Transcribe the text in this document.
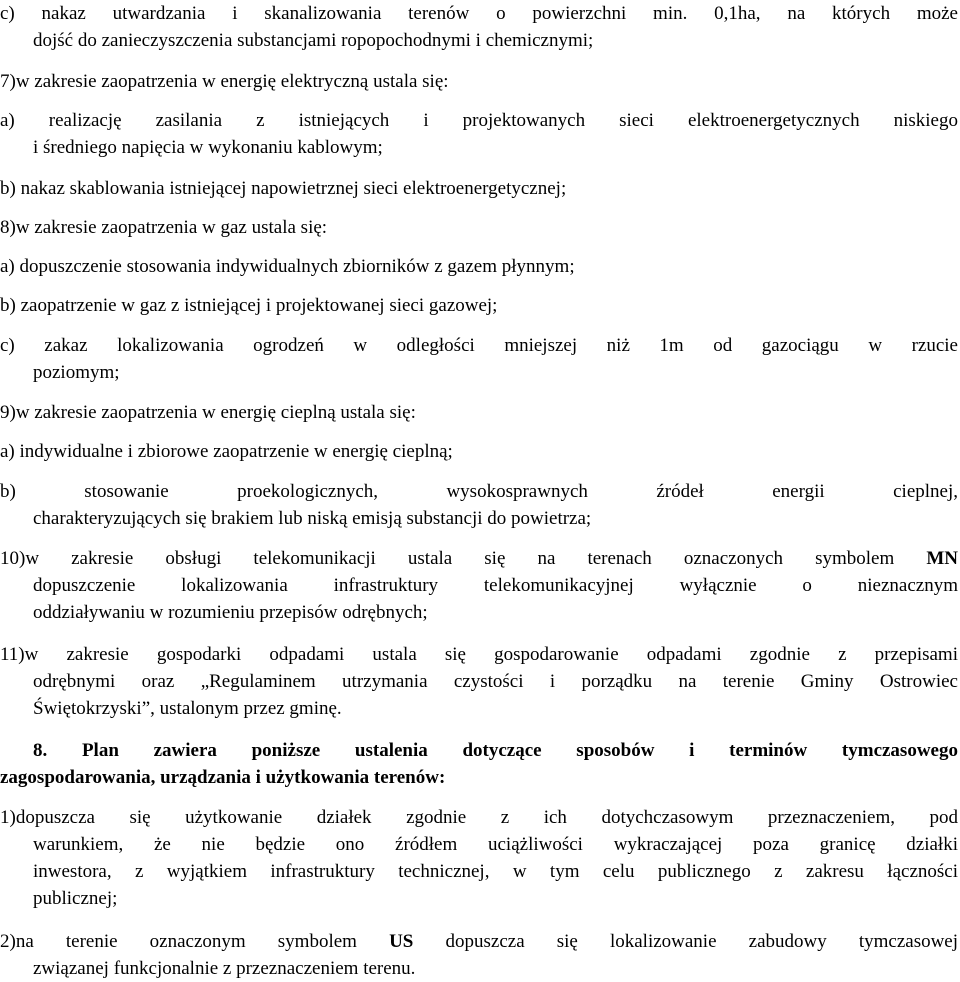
c) nakaz utwardzania i skanalizowania terenów o powierzchni min. 0,1ha, na których może

dojść do zanieczyszczenia substancjami ropopochodnymi i chemicznymi;

7)w zakresie zaopatrzenia w energię elektryczną ustala się:

a) realizację zasilania z istniejących i projektowanych sieci elektroenergetycznych niskiego

i średniego napięcia w wykonaniu kablowym;

b) nakaz skablowania istniejącej napowietrznej sieci elektroenergetycznej;

8)w zakresie zaopatrzenia w gaz ustala się:

a) dopuszczenie stosowania indywidualnych zbiorników z gazem płynnym;

b) zaopatrzenie w gaz z istniejącej i projektowanej sieci gazowej;

c) zakaz lokalizowania ogrodzeń w odległości mniejszej niż 1m od gazociągu w rzucie

poziomym;

9)w zakresie zaopatrzenia w energię cieplną ustala się:

a) indywidualne i zbiorowe zaopatrzenie w energię cieplną;

b) stosowanie proekologicznych, wysokosprawnych źródeł energii cieplnej,

charakteryzujących się brakiem lub niską emisją substancji do powietrza;

10)w zakresie obsługi telekomunikacji ustala się na terenach oznaczonych symbolem MN

dopuszczenie lokalizowania infrastruktury telekomunikacyjnej wyłącznie o nieznacznym

oddziaływaniu w rozumieniu przepisów odrębnych;

11)w zakresie gospodarki odpadami ustala się gospodarowanie odpadami zgodnie z przepisami

odrębnymi oraz „Regulaminem utrzymania czystości i porządku na terenie Gminy Ostrowiec

Świętokrzyski”, ustalonym przez gminę.

8. Plan zawiera poniższe ustalenia dotyczące sposobów i terminów tymczasowego

zagospodarowania, urządzania i użytkowania terenów:

1)dopuszcza się użytkowanie działek zgodnie z ich dotychczasowym przeznaczeniem, pod

warunkiem, że nie będzie ono źródłem uciążliwości wykraczającej poza granicę działki

inwestora, z wyjątkiem infrastruktury technicznej, w tym celu publicznego z zakresu łączności

publicznej;

2)na terenie oznaczonym symbolem US dopuszcza się lokalizowanie zabudowy tymczasowej

związanej funkcjonalnie z przeznaczeniem terenu.
